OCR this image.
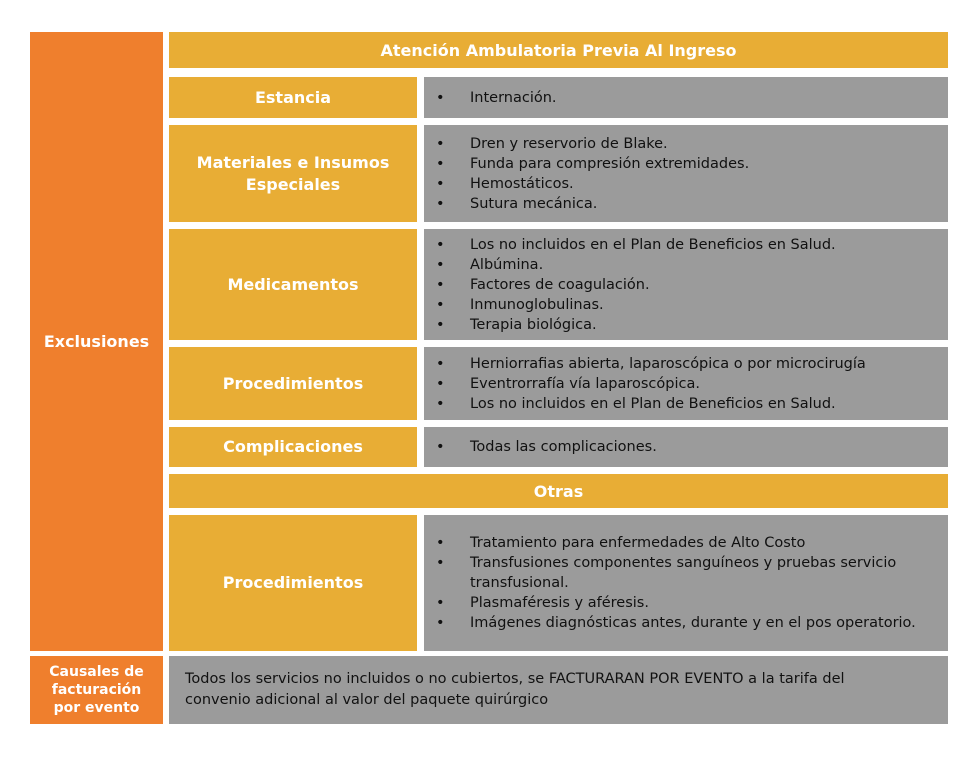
Exclusiones
Causales de facturación por evento
Atención Ambulatoria Previa Al Ingreso
Estancia	• Internación.
Materiales e Insumos Especiales
• Dren y reservorio de Blake.
• Funda para compresión extremidades.
• Hemostáticos.
• Sutura mecánica.
Medicamentos
• Los no incluidos en el Plan de Beneficios en Salud.
• Albúmina.
• Factores de coagulación.
• Inmunoglobulinas.
• Terapia biológica.
Procedimientos
• Herniorrafias abierta, laparoscópica o por microcirugía
• Eventrorrafía vía laparoscópica.
• Los no incluidos en el Plan de Beneficios en Salud.
Complicaciones	• Todas las complicaciones.
Otras
Procedimientos
• Tratamiento para enfermedades de Alto Costo
• Transfusiones componentes sanguíneos y pruebas servicio transfusional.
• Plasmaféresis y aféresis.
• Imágenes diagnósticas antes, durante y en el pos operatorio.
Todos los servicios no incluidos o no cubiertos, se FACTURARAN POR EVENTO a la tarifa del convenio adicional al valor del paquete quirúrgico
